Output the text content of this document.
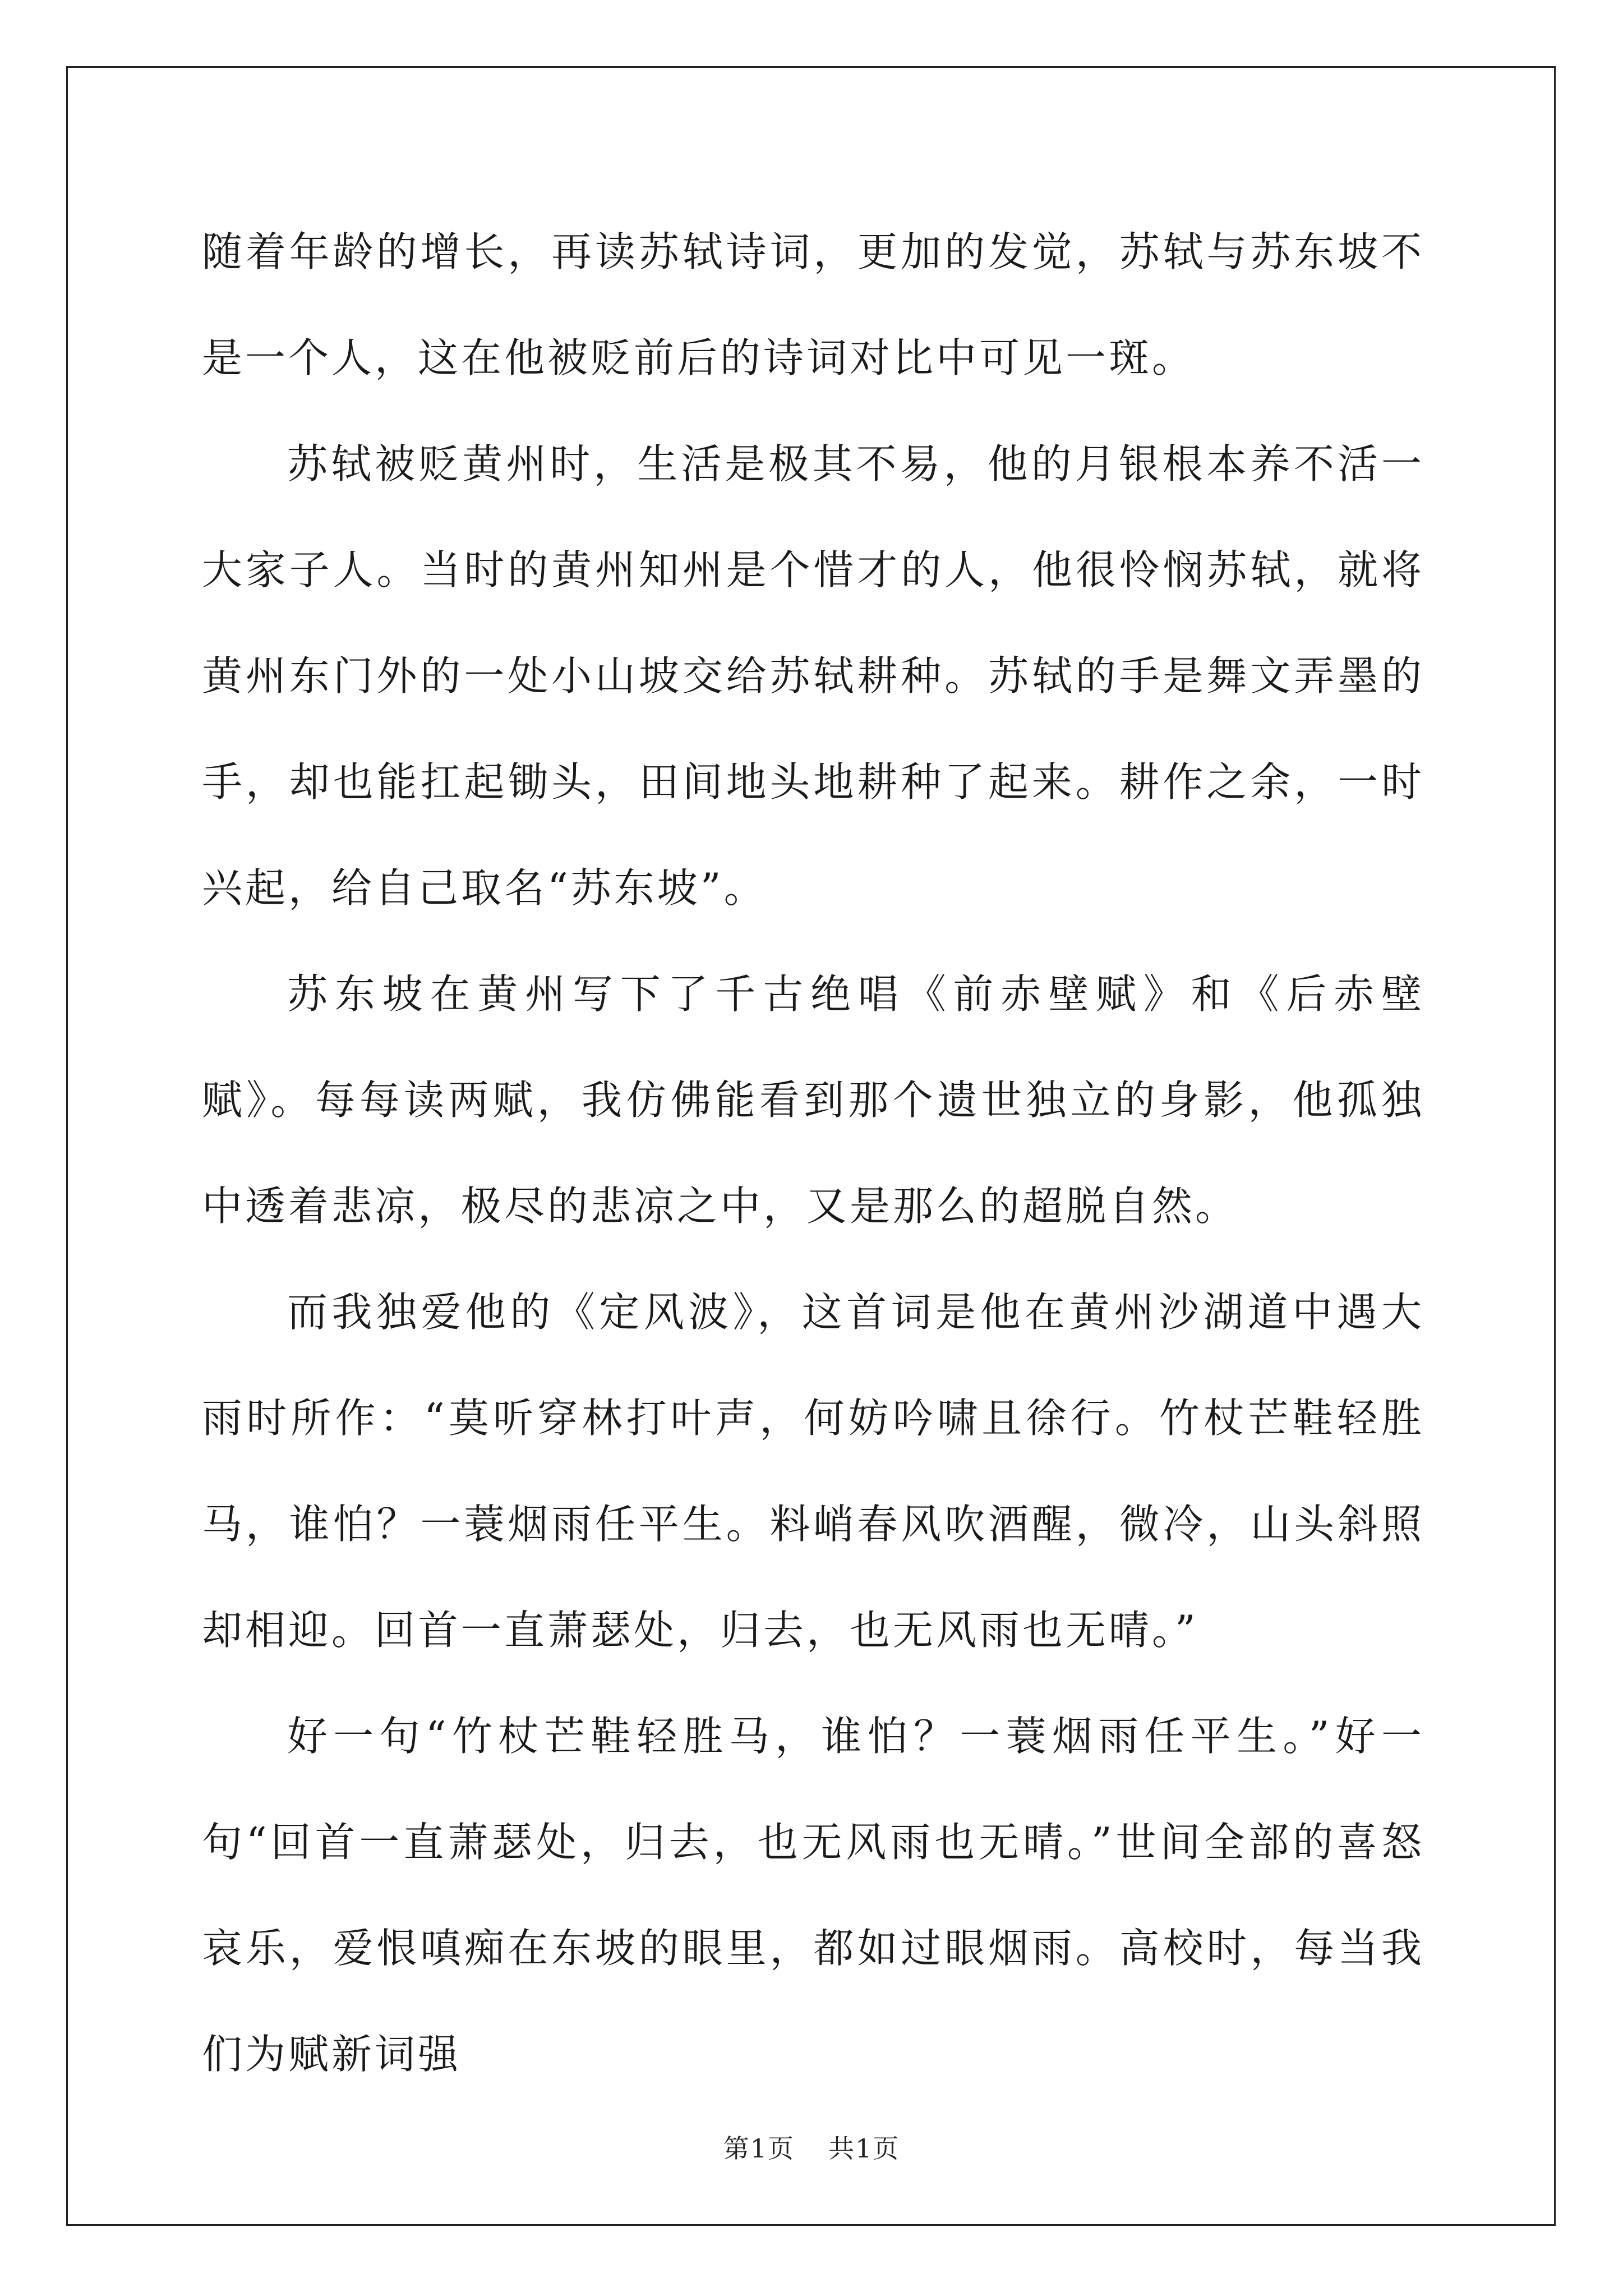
随着年龄的增长，再读苏轼诗词，更加的发觉，苏轼与苏东坡不是一个人，这在他被贬前后的诗词对比中可见一斑。

苏轼被贬黄州时，生活是极其不易，他的月银根本养不活一大家子人。当时的黄州知州是个惜才的人，他很怜悯苏轼，就将黄州东门外的一处小山坡交给苏轼耕种。苏轼的手是舞文弄墨的手，却也能扛起锄头，田间地头地耕种了起来。耕作之余，一时兴起，给自己取名“苏东坡”。

苏东坡在黄州写下了千古绝唱《前赤壁赋》和《后赤壁赋》。每每读两赋，我仿佛能看到那个遗世独立的身影，他孤独中透着悲凉，极尽的悲凉之中，又是那么的超脱自然。

而我独爱他的《定风波》，这首词是他在黄州沙湖道中遇大雨时所作：“莫听穿林打叶声，何妨吟啸且徐行。竹杖芒鞋轻胜马，谁怕？一蓑烟雨任平生。料峭春风吹酒醒，微冷，山头斜照却相迎。回首一直萧瑟处，归去，也无风雨也无晴。”

好一句“竹杖芒鞋轻胜马，谁怕？一蓑烟雨任平生。”好一句“回首一直萧瑟处，归去，也无风雨也无晴。”世间全部的喜怒哀乐，爱恨嗔痴在东坡的眼里，都如过眼烟雨。高校时，每当我们为赋新词强

第1页 共1页
